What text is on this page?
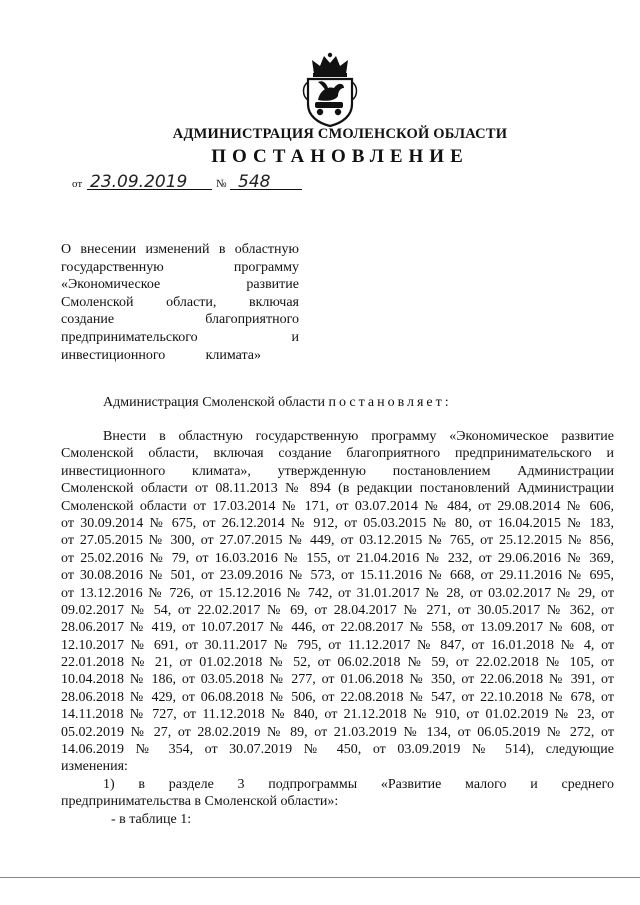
АДМИНИСТРАЦИЯ СМОЛЕНСКОЙ ОБЛАСТИ
ПОСТАНОВЛЕНИЕ
от 23.09.2019	№ 548
О внесении изменений в областную
государственную программу
«Экономическое развитие
Смоленской области, включая
создание благоприятного
предпринимательского и
инвестиционного климата»
Администрация Смоленской области постановляет:
Внести в областную государственную программу «Экономическое развитие
Смоленской области, включая создание благоприятного предпринимательского и
инвестиционного климата», утвержденную постановлением Администрации
Смоленской области от 08.11.2013 № 894 (в редакции постановлений Администрации
Смоленской области от 17.03.2014 № 171, от 03.07.2014 № 484, от 29.08.2014 № 606,
от 30.09.2014 № 675, от 26.12.2014 № 912, от 05.03.2015 № 80, от 16.04.2015 № 183,
от 27.05.2015 № 300, от 27.07.2015 № 449, от 03.12.2015 № 765, от 25.12.2015 № 856,
от 25.02.2016 № 79, от 16.03.2016 № 155, от 21.04.2016 № 232, от 29.06.2016 № 369,
от 30.08.2016 № 501, от 23.09.2016 № 573, от 15.11.2016 № 668, от 29.11.2016 № 695,
от 13.12.2016 № 726, от 15.12.2016 № 742, от 31.01.2017 № 28, от 03.02.2017 № 29, от
09.02.2017 № 54, от 22.02.2017 № 69, от 28.04.2017 № 271, от 30.05.2017 № 362, от
28.06.2017 № 419, от 10.07.2017 № 446, от 22.08.2017 № 558, от 13.09.2017 № 608, от
12.10.2017 № 691, от 30.11.2017 № 795, от 11.12.2017 № 847, от 16.01.2018 № 4, от
22.01.2018 № 21, от 01.02.2018 № 52, от 06.02.2018 № 59, от 22.02.2018 № 105, от
10.04.2018 № 186, от 03.05.2018 № 277, от 01.06.2018 № 350, от 22.06.2018 № 391, от
28.06.2018 № 429, от 06.08.2018 № 506, от 22.08.2018 № 547, от 22.10.2018 № 678, от
14.11.2018 № 727, от 11.12.2018 № 840, от 21.12.2018 № 910, от 01.02.2019 № 23, от
05.02.2019 № 27, от 28.02.2019 № 89, от 21.03.2019 № 134, от 06.05.2019 № 272, от
14.06.2019 № 354, от 30.07.2019 № 450, от 03.09.2019 № 514), следующие
изменения:
1) в разделе 3 подпрограммы «Развитие малого и среднего
предпринимательства в Смоленской области»:
- в таблице 1:
